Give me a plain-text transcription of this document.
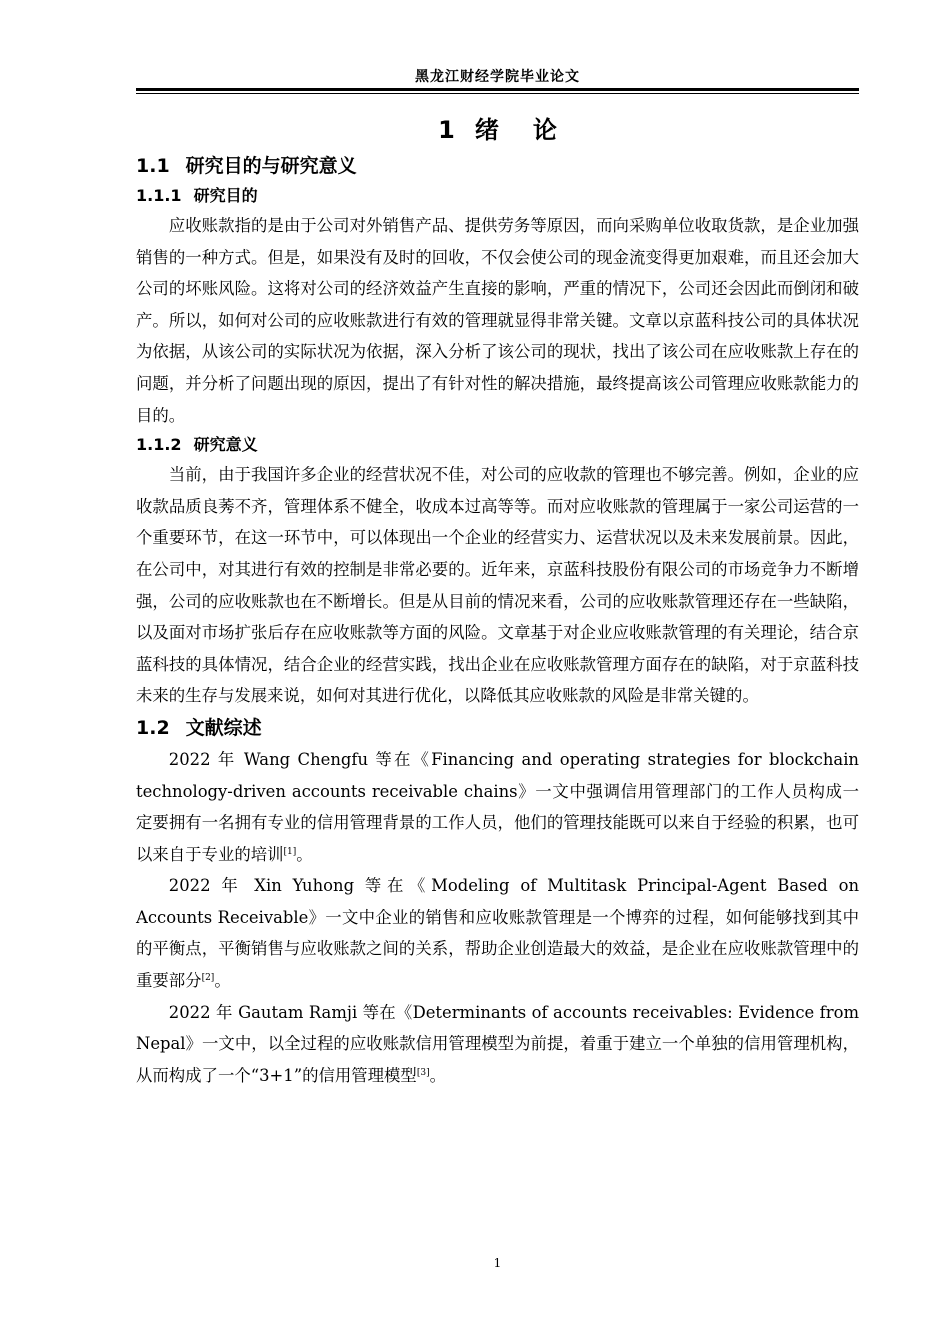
黑龙江财经学院毕业论文
1 绪 论
1.1 研究目的与研究意义
1.1.1 研究目的

应收账款指的是由于公司对外销售产品、提供劳务等原因，而向采购单位收取货款，是企业加强销售的一种方式。但是，如果没有及时的回收，不仅会使公司的现金流变得更加艰难，而且还会加大公司的坏账风险。这将对公司的经济效益产生直接的影响，严重的情况下，公司还会因此而倒闭和破产。所以，如何对公司的应收账款进行有效的管理就显得非常关键。文章以京蓝科技公司的具体状况为依据，从该公司的实际状况为依据，深入分析了该公司的现状，找出了该公司在应收账款上存在的问题，并分析了问题出现的原因，提出了有针对性的解决措施，最终提高该公司管理应收账款能力的目的。

1.1.2 研究意义

当前，由于我国许多企业的经营状况不佳，对公司的应收款的管理也不够完善。例如，企业的应收款品质良莠不齐，管理体系不健全，收成本过高等等。而对应收账款的管理属于一家公司运营的一个重要环节，在这一环节中，可以体现出一个企业的经营实力、运营状况以及未来发展前景。因此，在公司中，对其进行有效的控制是非常必要的。近年来，京蓝科技股份有限公司的市场竞争力不断增强，公司的应收账款也在不断增长。但是从目前的情况来看，公司的应收账款管理还存在一些缺陷，以及面对市场扩张后存在应收账款等方面的风险。文章基于对企业应收账款管理的有关理论，结合京蓝科技的具体情况，结合企业的经营实践，找出企业在应收账款管理方面存在的缺陷，对于京蓝科技未来的生存与发展来说，如何对其进行优化，以降低其应收账款的风险是非常关键的。

1.2 文献综述

2022 年 Wang Chengfu 等在《Financing and operating strategies for blockchain technology-driven accounts receivable chains》一文中强调信用管理部门的工作人员构成一定要拥有一名拥有专业的信用管理背景的工作人员，他们的管理技能既可以来自于经验的积累，也可以来自于专业的培训[1]。

2022 年 Xin Yuhong 等在《Modeling of Multitask Principal-Agent Based on Accounts Receivable》一文中企业的销售和应收账款管理是一个博弈的过程，如何能够找到其中的平衡点，平衡销售与应收账款之间的关系，帮助企业创造最大的效益，是企业在应收账款管理中的重要部分[2]。

2022 年 Gautam Ramji 等在《Determinants of accounts receivables: Evidence from Nepal》一文中，以全过程的应收账款信用管理模型为前提，着重于建立一个单独的信用管理机构，从而构成了一个“3+1”的信用管理模型[3]。

1
